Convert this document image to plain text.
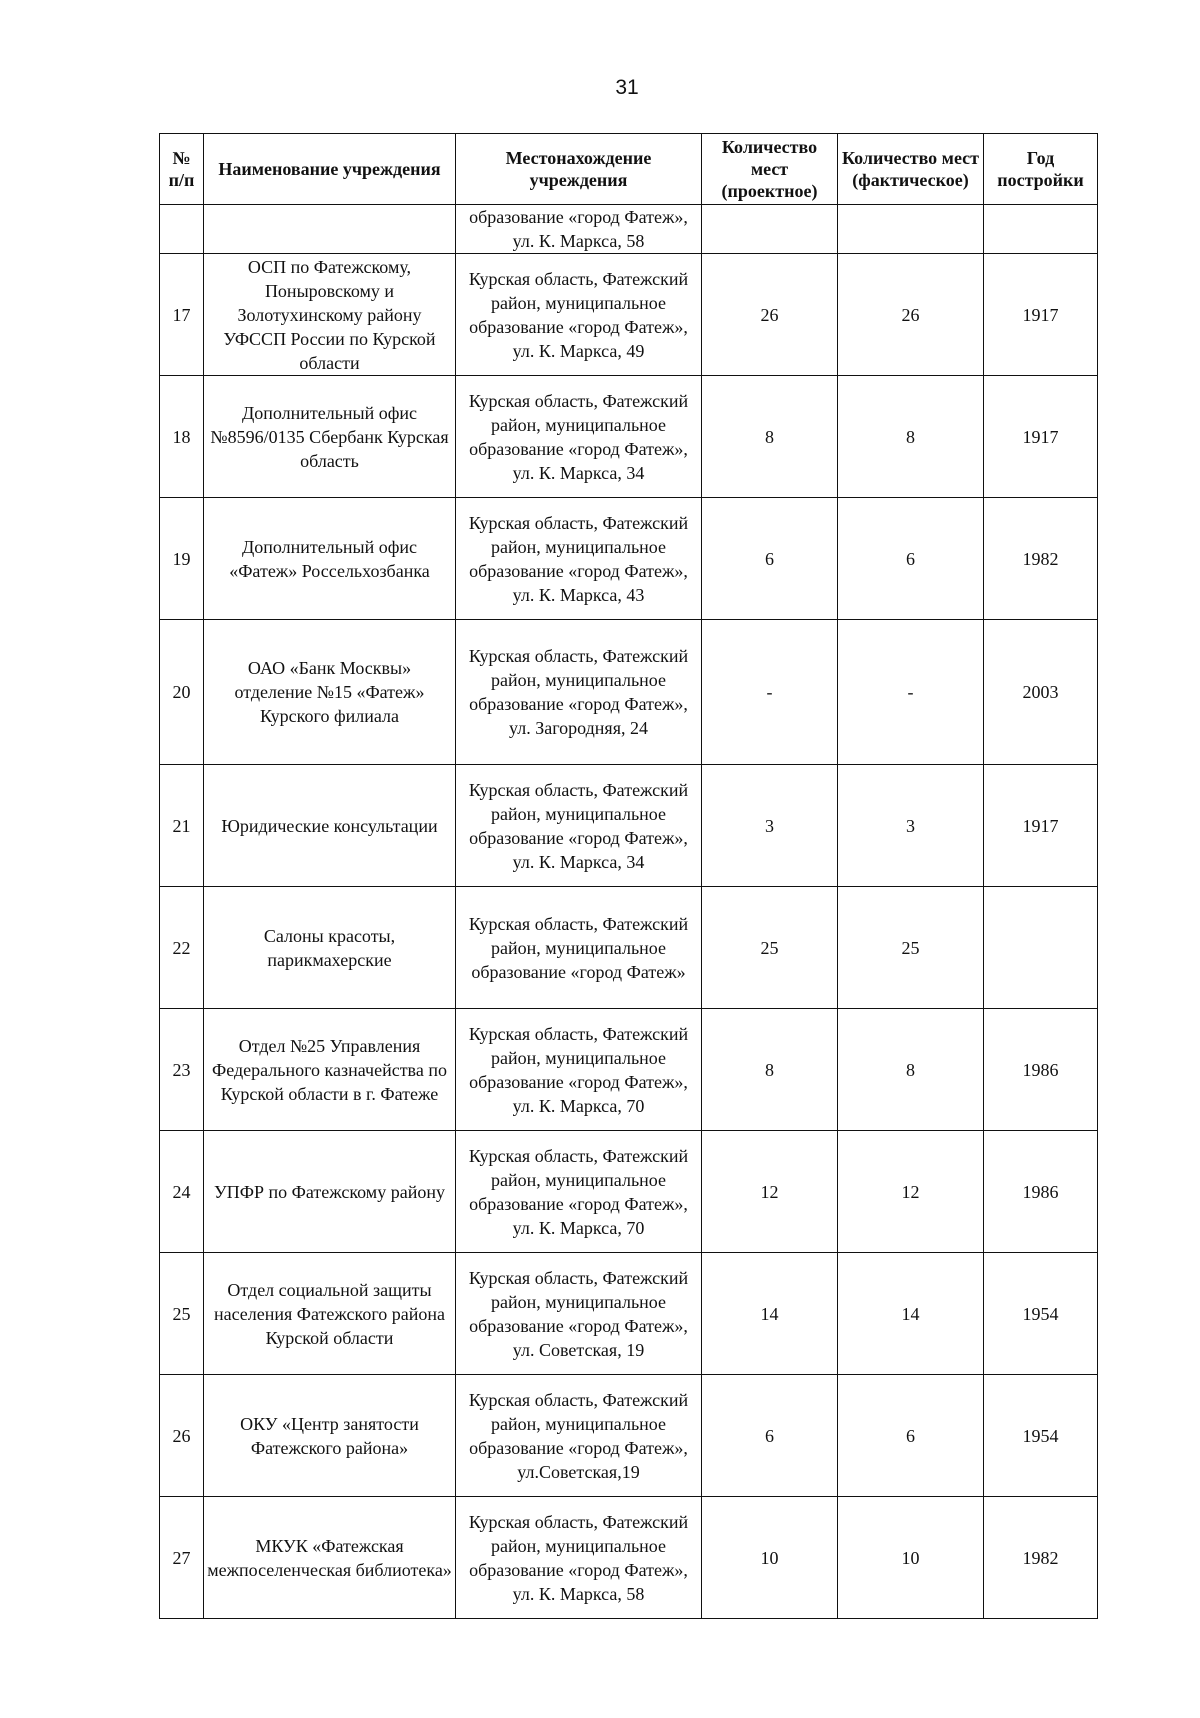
31
№ п/п	Наименование учреждения	Местонахождение учреждения	Количество мест (проектное)	Количество мест (фактическое)	Год постройки
		образование «город Фатеж», ул. К. Маркса, 58			
17	ОСП по Фатежскому, Поныровскому и Золотухинскому району УФССП России по Курской области	Курская область, Фатежский район, муниципальное образование «город Фатеж», ул. К. Маркса, 49	26	26	1917
18	Дополнительный офис №8596/0135 Сбербанк Курская область	Курская область, Фатежский район, муниципальное образование «город Фатеж», ул. К. Маркса, 34	8	8	1917
19	Дополнительный офис «Фатеж» Россельхозбанка	Курская область, Фатежский район, муниципальное образование «город Фатеж», ул. К. Маркса, 43	6	6	1982
20	ОАО «Банк Москвы» отделение №15 «Фатеж» Курского филиала	Курская область, Фатежский район, муниципальное образование «город Фатеж», ул. Загородняя, 24	-	-	2003
21	Юридические консультации	Курская область, Фатежский район, муниципальное образование «город Фатеж», ул. К. Маркса, 34	3	3	1917
22	Салоны красоты, парикмахерские	Курская область, Фатежский район, муниципальное образование «город Фатеж»	25	25	
23	Отдел №25 Управления Федерального казначейства по Курской области в г. Фатеже	Курская область, Фатежский район, муниципальное образование «город Фатеж», ул. К. Маркса, 70	8	8	1986
24	УПФР по Фатежскому району	Курская область, Фатежский район, муниципальное образование «город Фатеж», ул. К. Маркса, 70	12	12	1986
25	Отдел социальной защиты населения Фатежского района Курской области	Курская область, Фатежский район, муниципальное образование «город Фатеж», ул. Советская, 19	14	14	1954
26	ОКУ «Центр занятости Фатежского района»	Курская область, Фатежский район, муниципальное образование «город Фатеж», ул.Советская,19	6	6	1954
27	МКУК «Фатежская межпоселенческая библиотека»	Курская область, Фатежский район, муниципальное образование «город Фатеж», ул. К. Маркса, 58	10	10	1982
